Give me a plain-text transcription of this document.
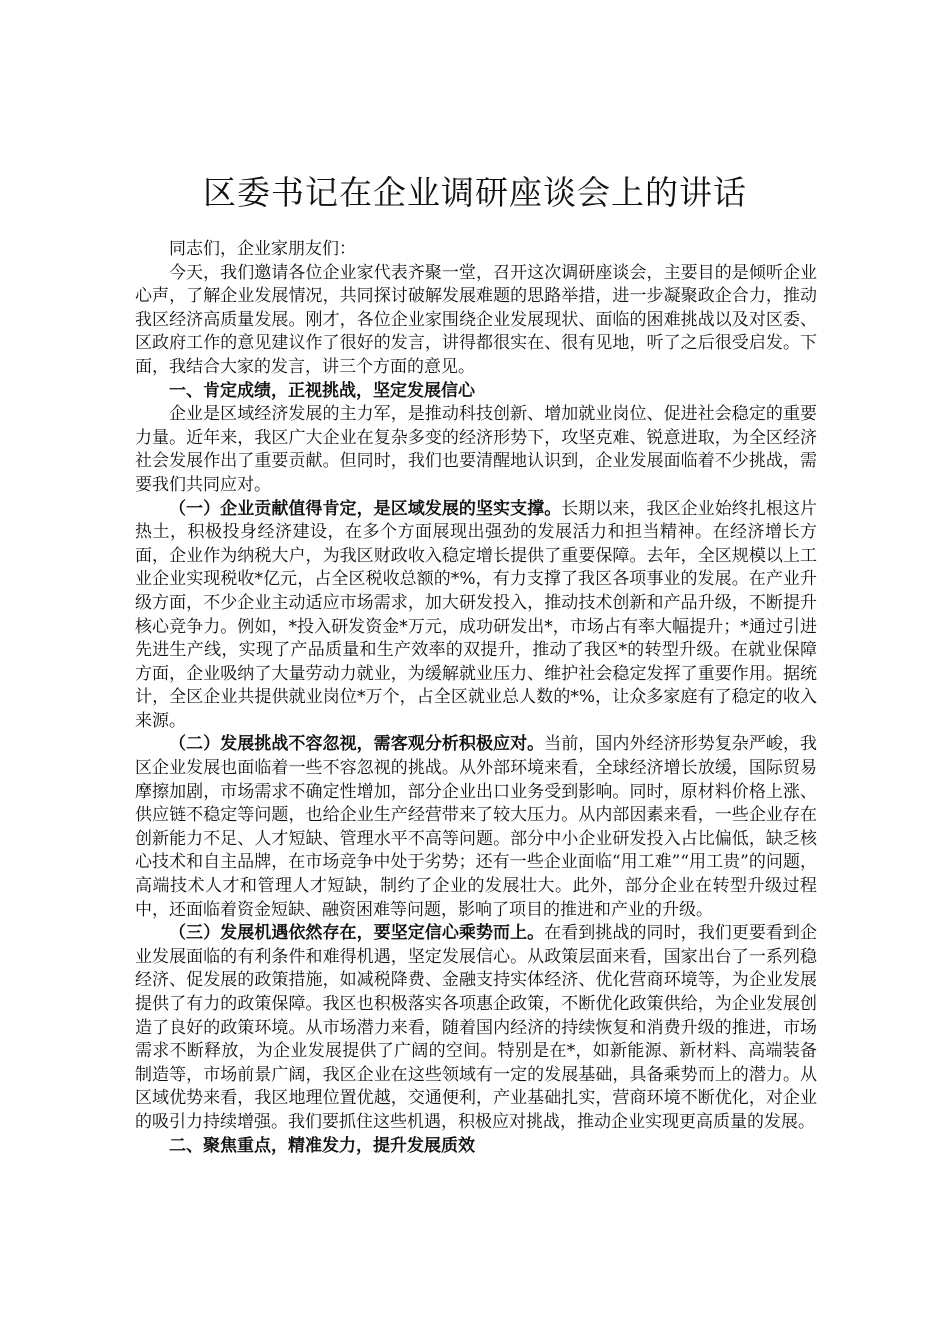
区委书记在企业调研座谈会上的讲话

同志们，企业家朋友们：

今天，我们邀请各位企业家代表齐聚一堂，召开这次调研座谈会，主要目的是倾听企业心声，了解企业发展情况，共同探讨破解发展难题的思路举措，进一步凝聚政企合力，推动我区经济高质量发展。刚才，各位企业家围绕企业发展现状、面临的困难挑战以及对区委、区政府工作的意见建议作了很好的发言，讲得都很实在、很有见地，听了之后很受启发。下面，我结合大家的发言，讲三个方面的意见。

一、肯定成绩，正视挑战，坚定发展信心

企业是区域经济发展的主力军，是推动科技创新、增加就业岗位、促进社会稳定的重要力量。近年来，我区广大企业在复杂多变的经济形势下，攻坚克难、锐意进取，为全区经济社会发展作出了重要贡献。但同时，我们也要清醒地认识到，企业发展面临着不少挑战，需要我们共同应对。

（一）企业贡献值得肯定，是区域发展的坚实支撑。长期以来，我区企业始终扎根这片热土，积极投身经济建设，在多个方面展现出强劲的发展活力和担当精神。在经济增长方面，企业作为纳税大户，为我区财政收入稳定增长提供了重要保障。去年，全区规模以上工业企业实现税收*亿元，占全区税收总额的*%，有力支撑了我区各项事业的发展。在产业升级方面，不少企业主动适应市场需求，加大研发投入，推动技术创新和产品升级，不断提升核心竞争力。例如，*投入研发资金*万元，成功研发出*，市场占有率大幅提升；*通过引进先进生产线，实现了产品质量和生产效率的双提升，推动了我区*的转型升级。在就业保障方面，企业吸纳了大量劳动力就业，为缓解就业压力、维护社会稳定发挥了重要作用。据统计，全区企业共提供就业岗位*万个，占全区就业总人数的*%，让众多家庭有了稳定的收入来源。

（二）发展挑战不容忽视，需客观分析积极应对。当前，国内外经济形势复杂严峻，我区企业发展也面临着一些不容忽视的挑战。从外部环境来看，全球经济增长放缓，国际贸易摩擦加剧，市场需求不确定性增加，部分企业出口业务受到影响。同时，原材料价格上涨、供应链不稳定等问题，也给企业生产经营带来了较大压力。从内部因素来看，一些企业存在创新能力不足、人才短缺、管理水平不高等问题。部分中小企业研发投入占比偏低，缺乏核心技术和自主品牌，在市场竞争中处于劣势；还有一些企业面临“用工难”“用工贵”的问题，高端技术人才和管理人才短缺，制约了企业的发展壮大。此外，部分企业在转型升级过程中，还面临着资金短缺、融资困难等问题，影响了项目的推进和产业的升级。

（三）发展机遇依然存在，要坚定信心乘势而上。在看到挑战的同时，我们更要看到企业发展面临的有利条件和难得机遇，坚定发展信心。从政策层面来看，国家出台了一系列稳经济、促发展的政策措施，如减税降费、金融支持实体经济、优化营商环境等，为企业发展提供了有力的政策保障。我区也积极落实各项惠企政策，不断优化政策供给，为企业发展创造了良好的政策环境。从市场潜力来看，随着国内经济的持续恢复和消费升级的推进，市场需求不断释放，为企业发展提供了广阔的空间。特别是在*，如新能源、新材料、高端装备制造等，市场前景广阔，我区企业在这些领域有一定的发展基础，具备乘势而上的潜力。从区域优势来看，我区地理位置优越，交通便利，产业基础扎实，营商环境不断优化，对企业的吸引力持续增强。我们要抓住这些机遇，积极应对挑战，推动企业实现更高质量的发展。

二、聚焦重点，精准发力，提升发展质效
